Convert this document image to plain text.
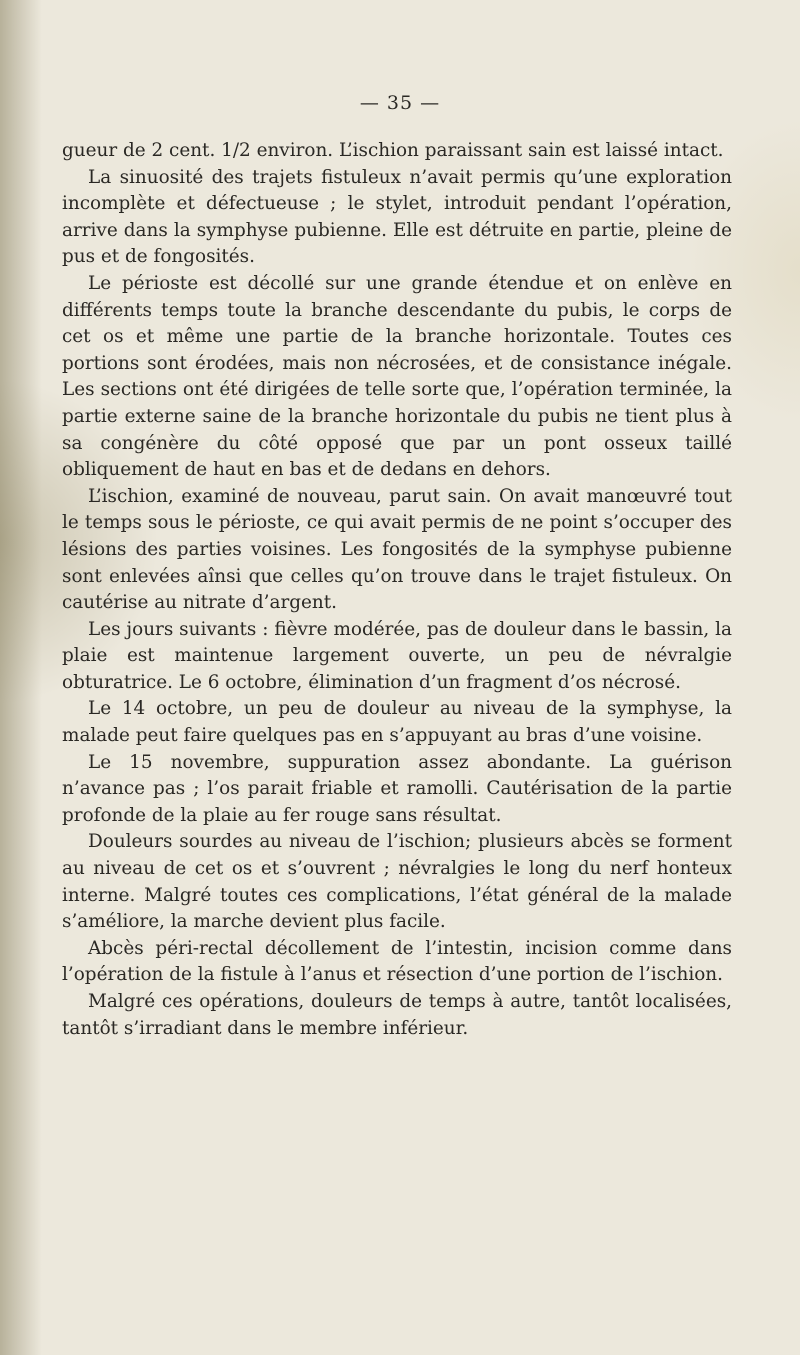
— 35 —

gueur de 2 cent. 1/2 environ. L’ischion paraissant sain est laissé intact.

La sinuosité des trajets fistuleux n’avait permis qu’une exploration incomplète et défectueuse ; le stylet, introduit pendant l’opération, arrive dans la symphyse pubienne. Elle est détruite en partie, pleine de pus et de fongosités.

Le périoste est décollé sur une grande étendue et on enlève en différents temps toute la branche descendante du pubis, le corps de cet os et même une partie de la branche horizontale. Toutes ces portions sont érodées, mais non nécrosées, et de consistance inégale. Les sections ont été dirigées de telle sorte que, l’opération terminée, la partie externe saine de la branche horizontale du pubis ne tient plus à sa congénère du côté opposé que par un pont osseux taillé obliquement de haut en bas et de dedans en dehors.

L’ischion, examiné de nouveau, parut sain. On avait manœuvré tout le temps sous le périoste, ce qui avait permis de ne point s’occuper des lésions des parties voisines. Les fongosités de la symphyse pubienne sont enlevées aînsi que celles qu’on trouve dans le trajet fistuleux. On cautérise au nitrate d’argent.

Les jours suivants : fièvre modérée, pas de douleur dans le bassin, la plaie est maintenue largement ouverte, un peu de névralgie obturatrice. Le 6 octobre, élimination d’un fragment d’os nécrosé.

Le 14 octobre, un peu de douleur au niveau de la symphyse, la malade peut faire quelques pas en s’appuyant au bras d’une voisine.

Le 15 novembre, suppuration assez abondante. La guérison n’avance pas ; l’os parait friable et ramolli. Cautérisation de la partie profonde de la plaie au fer rouge sans résultat.

Douleurs sourdes au niveau de l’ischion; plusieurs abcès se forment au niveau de cet os et s’ouvrent ; névralgies le long du nerf honteux interne. Malgré toutes ces complications, l’état général de la malade s’améliore, la marche devient plus facile.

Abcès péri-rectal décollement de l’intestin, incision comme dans l’opération de la fistule à l’anus et résection d’une portion de l’ischion.

Malgré ces opérations, douleurs de temps à autre, tantôt localisées, tantôt s’irradiant dans le membre inférieur.
